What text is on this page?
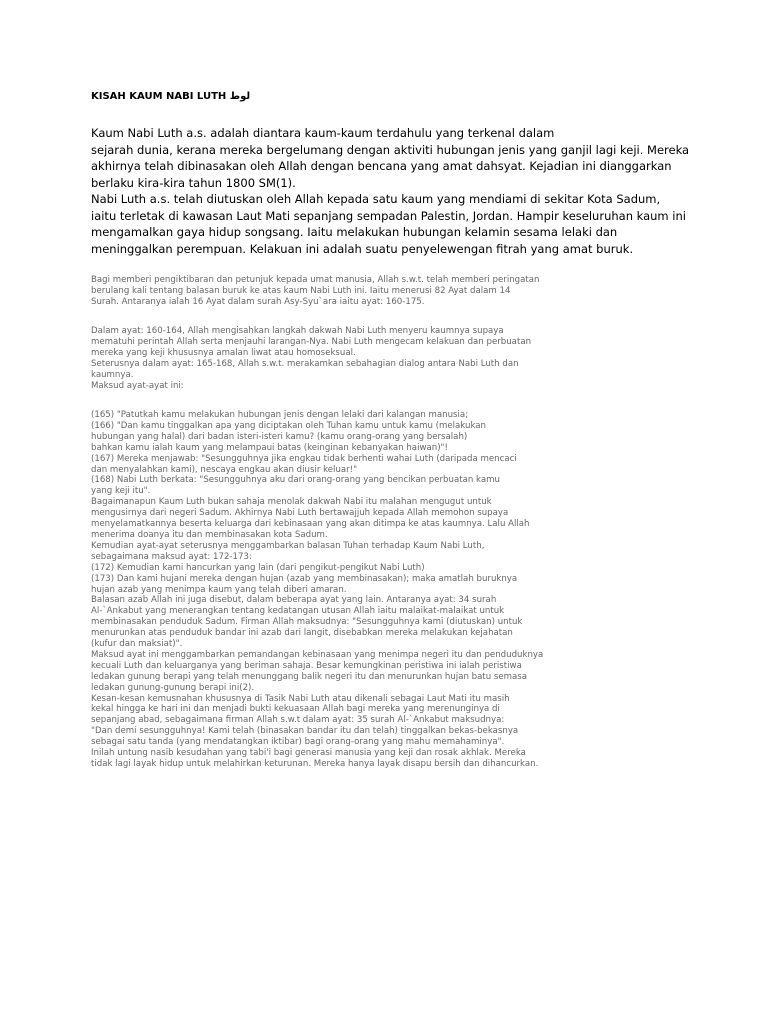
KISAH KAUM NABI LUTH لوط
Kaum Nabi Luth a.s. adalah diantara kaum-kaum terdahulu yang terkenal dalam
sejarah dunia, kerana mereka bergelumang dengan aktiviti hubungan jenis yang ganjil lagi keji. Mereka
akhirnya telah dibinasakan oleh Allah dengan bencana yang amat dahsyat. Kejadian ini dianggarkan
berlaku kira-kira tahun 1800 SM(1).
Nabi Luth a.s. telah diutuskan oleh Allah kepada satu kaum yang mendiami di sekitar Kota Sadum,
iaitu terletak di kawasan Laut Mati sepanjang sempadan Palestin, Jordan. Hampir keseluruhan kaum ini
mengamalkan gaya hidup songsang. Iaitu melakukan hubungan kelamin sesama lelaki dan
meninggalkan perempuan. Kelakuan ini adalah suatu penyelewengan fitrah yang amat buruk.
Bagi memberi pengiktibaran dan petunjuk kepada umat manusia, Allah s.w.t. telah memberi peringatan
berulang kali tentang balasan buruk ke atas kaum Nabi Luth ini. Iaitu menerusi 82 Ayat dalam 14
Surah. Antaranya ialah 16 Ayat dalam surah Asy-Syu`ara iaitu ayat: 160-175.
Dalam ayat: 160-164, Allah mengisahkan langkah dakwah Nabi Luth menyeru kaumnya supaya
mematuhi perintah Allah serta menjauhi larangan-Nya. Nabi Luth mengecam kelakuan dan perbuatan
mereka yang keji khususnya amalan liwat atau homoseksual.
Seterusnya dalam ayat: 165-168, Allah s.w.t. merakamkan sebahagian dialog antara Nabi Luth dan
kaumnya.
Maksud ayat-ayat ini:
(165) "Patutkah kamu melakukan hubungan jenis dengan lelaki dari kalangan manusia;
(166) "Dan kamu tinggalkan apa yang diciptakan oleh Tuhan kamu untuk kamu (melakukan
hubungan yang halal) dari badan isteri-isteri kamu? (kamu orang-orang yang bersalah)
bahkan kamu ialah kaum yang melampaui batas (keinginan kebanyakan haiwan)"!
(167) Mereka menjawab: "Sesungguhnya jika engkau tidak berhenti wahai Luth (daripada mencaci
dan menyalahkan kami), nescaya engkau akan diusir keluar!"
(168) Nabi Luth berkata: "Sesungguhnya aku dari orang-orang yang bencikan perbuatan kamu
yang keji itu".
Bagaimanapun Kaum Luth bukan sahaja menolak dakwah Nabi itu malahan mengugut untuk
mengusirnya dari negeri Sadum. Akhirnya Nabi Luth bertawajjuh kepada Allah memohon supaya
menyelamatkannya beserta keluarga dari kebinasaan yang akan ditimpa ke atas kaumnya. Lalu Allah
menerima doanya itu dan membinasakan kota Sadum.
Kemudian ayat-ayat seterusnya menggambarkan balasan Tuhan terhadap Kaum Nabi Luth,
sebagaimana maksud ayat: 172-173:
(172) Kemudian kami hancurkan yang lain (dari pengikut-pengikut Nabi Luth)
(173) Dan kami hujani mereka dengan hujan (azab yang membinasakan); maka amatlah buruknya
hujan azab yang menimpa kaum yang telah diberi amaran.
Balasan azab Allah ini juga disebut, dalam beberapa ayat yang lain. Antaranya ayat: 34 surah
Al-`Ankabut yang menerangkan tentang kedatangan utusan Allah iaitu malaikat-malaikat untuk
membinasakan penduduk Sadum. Firman Allah maksudnya: "Sesungguhnya kami (diutuskan) untuk
menurunkan atas penduduk bandar ini azab dari langit, disebabkan mereka melakukan kejahatan
(kufur dan maksiat)".
Maksud ayat ini menggambarkan pemandangan kebinasaan yang menimpa negeri itu dan penduduknya
kecuali Luth dan keluarganya yang beriman sahaja. Besar kemungkinan peristiwa ini ialah peristiwa
ledakan gunung berapi yang telah menunggang balik negeri itu dan menurunkan hujan batu semasa
ledakan gunung-gunung berapi ini(2).
Kesan-kesan kemusnahan khususnya di Tasik Nabi Luth atau dikenali sebagai Laut Mati itu masih
kekal hingga ke hari ini dan menjadi bukti kekuasaan Allah bagi mereka yang merenunginya di
sepanjang abad, sebagaimana firman Allah s.w.t dalam ayat: 35 surah Al-`Ankabut maksudnya:
"Dan demi sesungguhnya! Kami telah (binasakan bandar itu dan telah) tinggalkan bekas-bekasnya
sebagai satu tanda (yang mendatangkan iktibar) bagi orang-orang yang mahu memahaminya".
Inilah untung nasib kesudahan yang tabi'i bagi generasi manusia yang keji dan rosak akhlak. Mereka
tidak lagi layak hidup untuk melahirkan keturunan. Mereka hanya layak disapu bersih dan dihancurkan.
